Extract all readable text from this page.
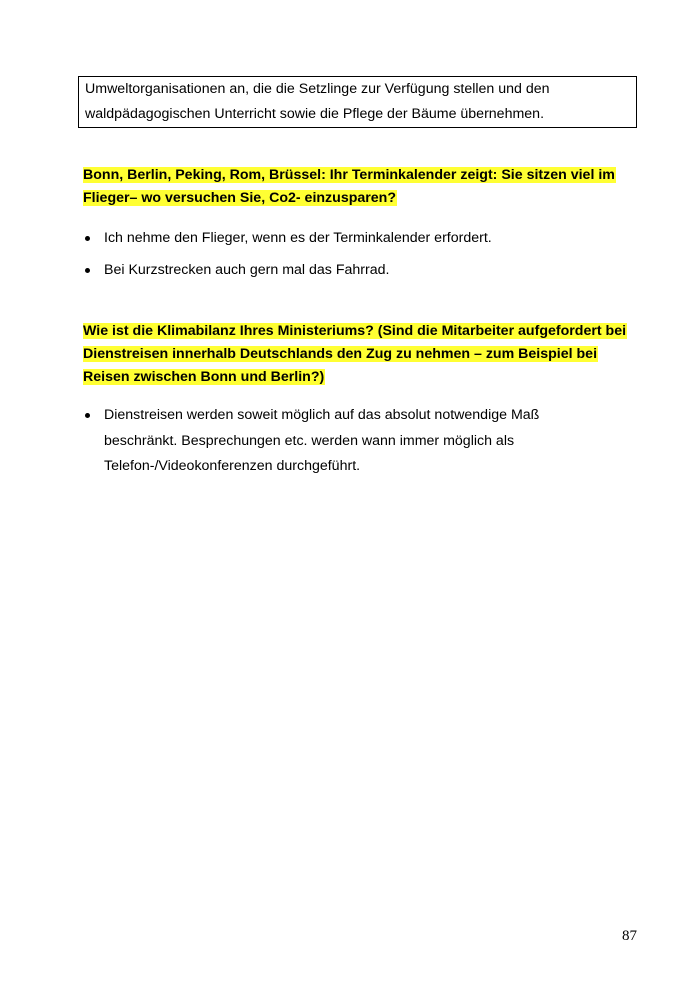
Umweltorganisationen an, die die Setzlinge zur Verfügung stellen und den
waldpädagogischen Unterricht sowie die Pflege der Bäume übernehmen.
Bonn, Berlin, Peking, Rom, Brüssel: Ihr Terminkalender zeigt: Sie sitzen viel im
Flieger– wo versuchen Sie, Co2- einzusparen?
Ich nehme den Flieger, wenn es der Terminkalender erfordert.
Bei Kurzstrecken auch gern mal das Fahrrad.
Wie ist die Klimabilanz Ihres Ministeriums? (Sind die Mitarbeiter aufgefordert bei
Dienstreisen innerhalb Deutschlands den Zug zu nehmen – zum Beispiel bei
Reisen zwischen Bonn und Berlin?)
Dienstreisen werden soweit möglich auf das absolut notwendige Maß
beschränkt. Besprechungen etc. werden wann immer möglich als
Telefon-/Videokonferenzen durchgeführt.
87
